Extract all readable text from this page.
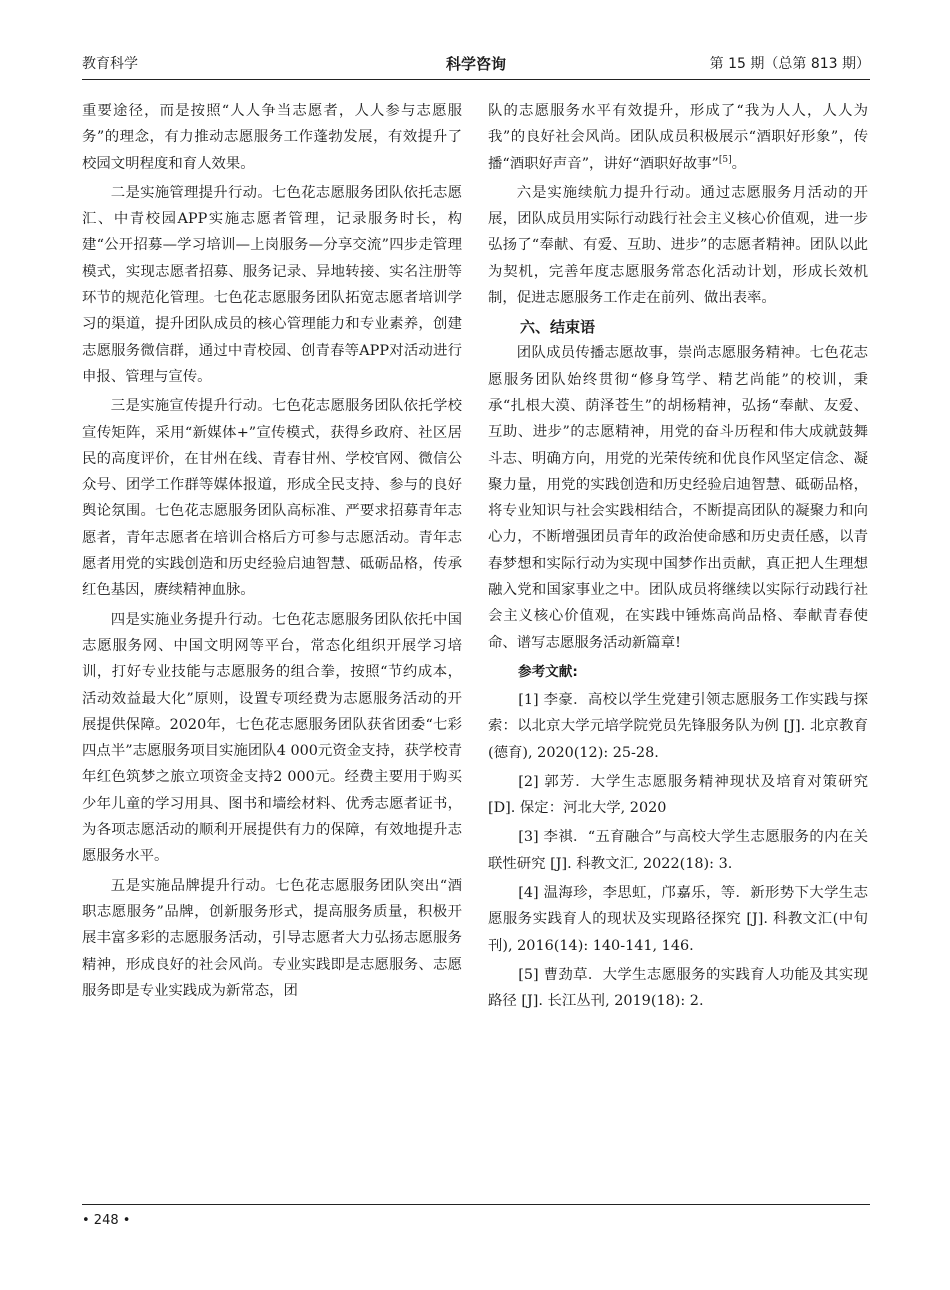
教育科学	科学咨询	第 15 期（总第 813 期）

重要途径，而是按照“人人争当志愿者，人人参与志愿服务”的理念，有力推动志愿服务工作蓬勃发展，有效提升了校园文明程度和育人效果。

二是实施管理提升行动。七色花志愿服务团队依托志愿汇、中青校园APP实施志愿者管理，记录服务时长，构建“公开招募—学习培训—上岗服务—分享交流”四步走管理模式，实现志愿者招募、服务记录、异地转接、实名注册等环节的规范化管理。七色花志愿服务团队拓宽志愿者培训学习的渠道，提升团队成员的核心管理能力和专业素养，创建志愿服务微信群，通过中青校园、创青春等APP对活动进行申报、管理与宣传。

三是实施宣传提升行动。七色花志愿服务团队依托学校宣传矩阵，采用“新媒体+”宣传模式，获得乡政府、社区居民的高度评价，在甘州在线、青春甘州、学校官网、微信公众号、团学工作群等媒体报道，形成全民支持、参与的良好舆论氛围。七色花志愿服务团队高标准、严要求招募青年志愿者，青年志愿者在培训合格后方可参与志愿活动。青年志愿者用党的实践创造和历史经验启迪智慧、砥砺品格，传承红色基因，赓续精神血脉。

四是实施业务提升行动。七色花志愿服务团队依托中国志愿服务网、中国文明网等平台，常态化组织开展学习培训，打好专业技能与志愿服务的组合拳，按照“节约成本，活动效益最大化”原则，设置专项经费为志愿服务活动的开展提供保障。2020年，七色花志愿服务团队获省团委“七彩四点半”志愿服务项目实施团队4 000元资金支持，获学校青年红色筑梦之旅立项资金支持2 000元。经费主要用于购买少年儿童的学习用具、图书和墙绘材料、优秀志愿者证书，为各项志愿活动的顺利开展提供有力的保障，有效地提升志愿服务水平。

五是实施品牌提升行动。七色花志愿服务团队突出“酒职志愿服务”品牌，创新服务形式，提高服务质量，积极开展丰富多彩的志愿服务活动，引导志愿者大力弘扬志愿服务精神，形成良好的社会风尚。专业实践即是志愿服务、志愿服务即是专业实践成为新常态，团

队的志愿服务水平有效提升，形成了“我为人人，人人为我”的良好社会风尚。团队成员积极展示“酒职好形象”，传播“酒职好声音”，讲好“酒职好故事”[5]。

六是实施续航力提升行动。通过志愿服务月活动的开展，团队成员用实际行动践行社会主义核心价值观，进一步弘扬了“奉献、有爱、互助、进步”的志愿者精神。团队以此为契机，完善年度志愿服务常态化活动计划，形成长效机制，促进志愿服务工作走在前列、做出表率。

六、结束语

团队成员传播志愿故事，崇尚志愿服务精神。七色花志愿服务团队始终贯彻“修身笃学、精艺尚能”的校训，秉承“扎根大漠、荫泽苍生”的胡杨精神，弘扬“奉献、友爱、互助、进步”的志愿精神，用党的奋斗历程和伟大成就鼓舞斗志、明确方向，用党的光荣传统和优良作风坚定信念、凝聚力量，用党的实践创造和历史经验启迪智慧、砥砺品格，将专业知识与社会实践相结合，不断提高团队的凝聚力和向心力，不断增强团员青年的政治使命感和历史责任感，以青春梦想和实际行动为实现中国梦作出贡献，真正把人生理想融入党和国家事业之中。团队成员将继续以实际行动践行社会主义核心价值观，在实践中锤炼高尚品格、奉献青春使命、谱写志愿服务活动新篇章!

参考文献:

[1] 李豪．高校以学生党建引领志愿服务工作实践与探索：以北京大学元培学院党员先锋服务队为例 [J]. 北京教育(德育), 2020(12): 25-28.

[2] 郭芳．大学生志愿服务精神现状及培育对策研究 [D]. 保定：河北大学, 2020

[3] 李祺．“五育融合”与高校大学生志愿服务的内在关联性研究 [J]. 科教文汇, 2022(18): 3.

[4] 温海珍，李思虹，邝嘉乐，等．新形势下大学生志愿服务实践育人的现状及实现路径探究 [J]. 科教文汇(中旬刊), 2016(14): 140-141, 146.

[5] 曹劲草．大学生志愿服务的实践育人功能及其实现路径 [J]. 长江丛刊, 2019(18): 2.

• 248 •
